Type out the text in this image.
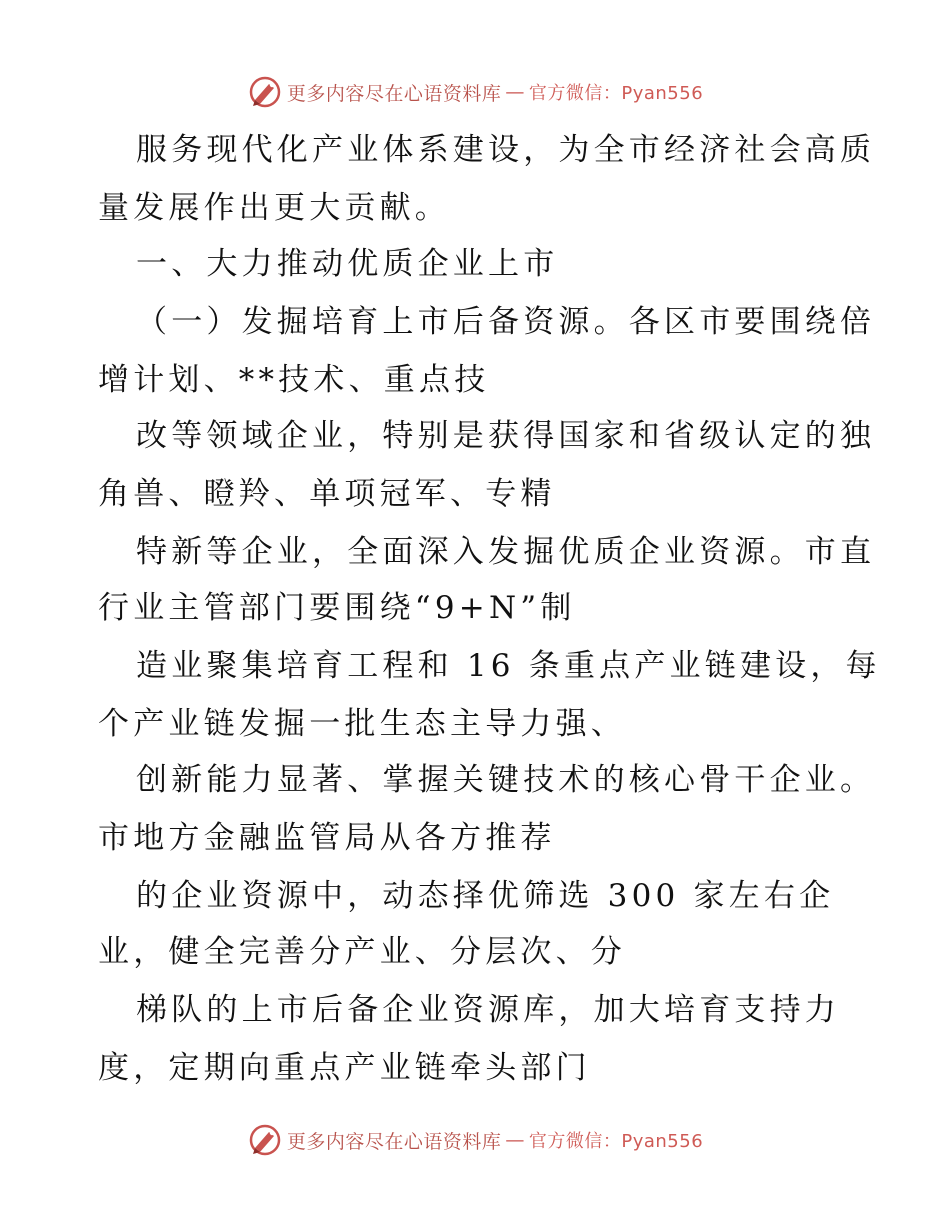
更多内容尽在心语资料库 — 官方微信：Pyan556
服务现代化产业体系建设，为全市经济社会高质
量发展作出更大贡献。
一、大力推动优质企业上市
（一）发掘培育上市后备资源。各区市要围绕倍
增计划、**技术、重点技
改等领域企业，特别是获得国家和省级认定的独
角兽、瞪羚、单项冠军、专精
特新等企业，全面深入发掘优质企业资源。市直
行业主管部门要围绕“9+N”制
造业聚集培育工程和 16 条重点产业链建设，每
个产业链发掘一批生态主导力强、
创新能力显著、掌握关键技术的核心骨干企业。
市地方金融监管局从各方推荐
的企业资源中，动态择优筛选 300 家左右企
业，健全完善分产业、分层次、分
梯队的上市后备企业资源库，加大培育支持力
度，定期向重点产业链牵头部门
更多内容尽在心语资料库 — 官方微信：Pyan556
